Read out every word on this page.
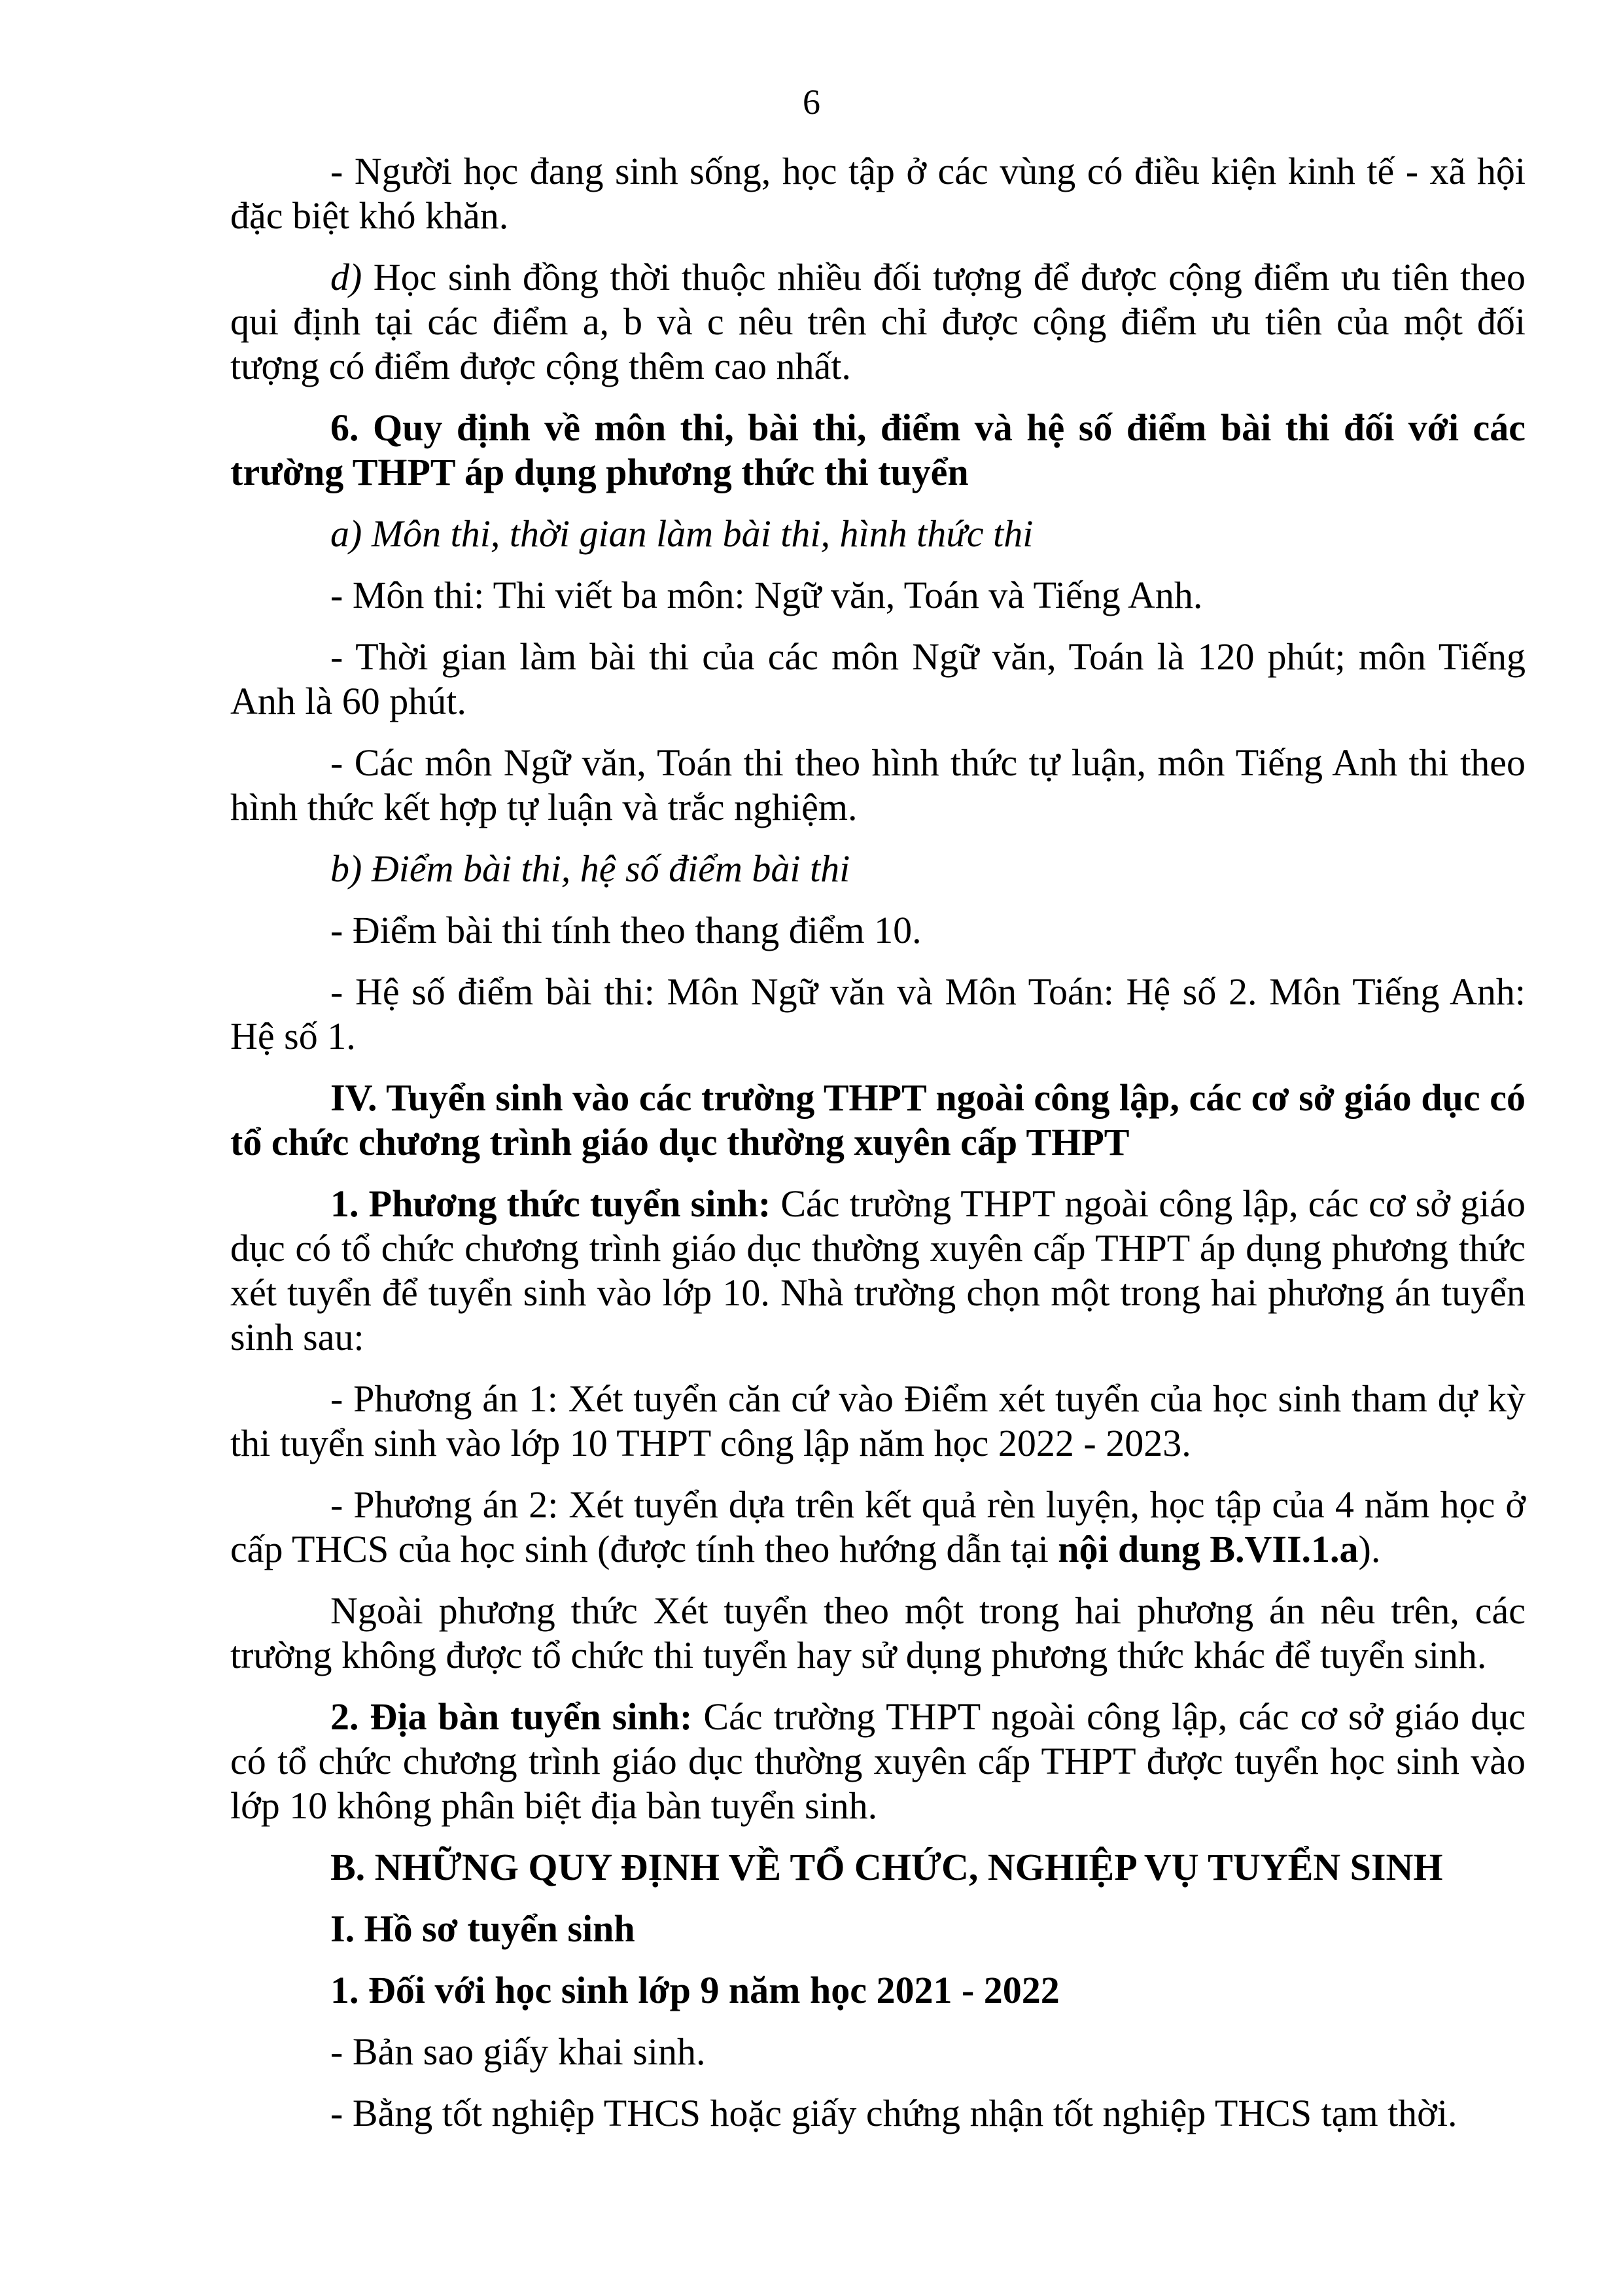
6

- Người học đang sinh sống, học tập ở các vùng có điều kiện kinh tế - xã hội đặc biệt khó khăn.

d) Học sinh đồng thời thuộc nhiều đối tượng để được cộng điểm ưu tiên theo qui định tại các điểm a, b và c nêu trên chỉ được cộng điểm ưu tiên của một đối tượng có điểm được cộng thêm cao nhất.

6. Quy định về môn thi, bài thi, điểm và hệ số điểm bài thi đối với các trường THPT áp dụng phương thức thi tuyển

a) Môn thi, thời gian làm bài thi, hình thức thi

- Môn thi: Thi viết ba môn: Ngữ văn, Toán và Tiếng Anh.

- Thời gian làm bài thi của các môn Ngữ văn, Toán là 120 phút; môn Tiếng Anh là 60 phút.

- Các môn Ngữ văn, Toán thi theo hình thức tự luận, môn Tiếng Anh thi theo hình thức kết hợp tự luận và trắc nghiệm.

b) Điểm bài thi, hệ số điểm bài thi

- Điểm bài thi tính theo thang điểm 10.

- Hệ số điểm bài thi: Môn Ngữ văn và Môn Toán: Hệ số 2. Môn Tiếng Anh: Hệ số 1.

IV. Tuyển sinh vào các trường THPT ngoài công lập, các cơ sở giáo dục có tổ chức chương trình giáo dục thường xuyên cấp THPT

1. Phương thức tuyển sinh: Các trường THPT ngoài công lập, các cơ sở giáo dục có tổ chức chương trình giáo dục thường xuyên cấp THPT áp dụng phương thức xét tuyển để tuyển sinh vào lớp 10. Nhà trường chọn một trong hai phương án tuyển sinh sau:

- Phương án 1: Xét tuyển căn cứ vào Điểm xét tuyển của học sinh tham dự kỳ thi tuyển sinh vào lớp 10 THPT công lập năm học 2022 - 2023.

- Phương án 2: Xét tuyển dựa trên kết quả rèn luyện, học tập của 4 năm học ở cấp THCS của học sinh (được tính theo hướng dẫn tại nội dung B.VII.1.a).

Ngoài phương thức Xét tuyển theo một trong hai phương án nêu trên, các trường không được tổ chức thi tuyển hay sử dụng phương thức khác để tuyển sinh.

2. Địa bàn tuyển sinh: Các trường THPT ngoài công lập, các cơ sở giáo dục có tổ chức chương trình giáo dục thường xuyên cấp THPT được tuyển học sinh vào lớp 10 không phân biệt địa bàn tuyển sinh.

B. NHỮNG QUY ĐỊNH VỀ TỔ CHỨC, NGHIỆP VỤ TUYỂN SINH

I. Hồ sơ tuyển sinh

1. Đối với học sinh lớp 9 năm học 2021 - 2022

- Bản sao giấy khai sinh.

- Bằng tốt nghiệp THCS hoặc giấy chứng nhận tốt nghiệp THCS tạm thời.
